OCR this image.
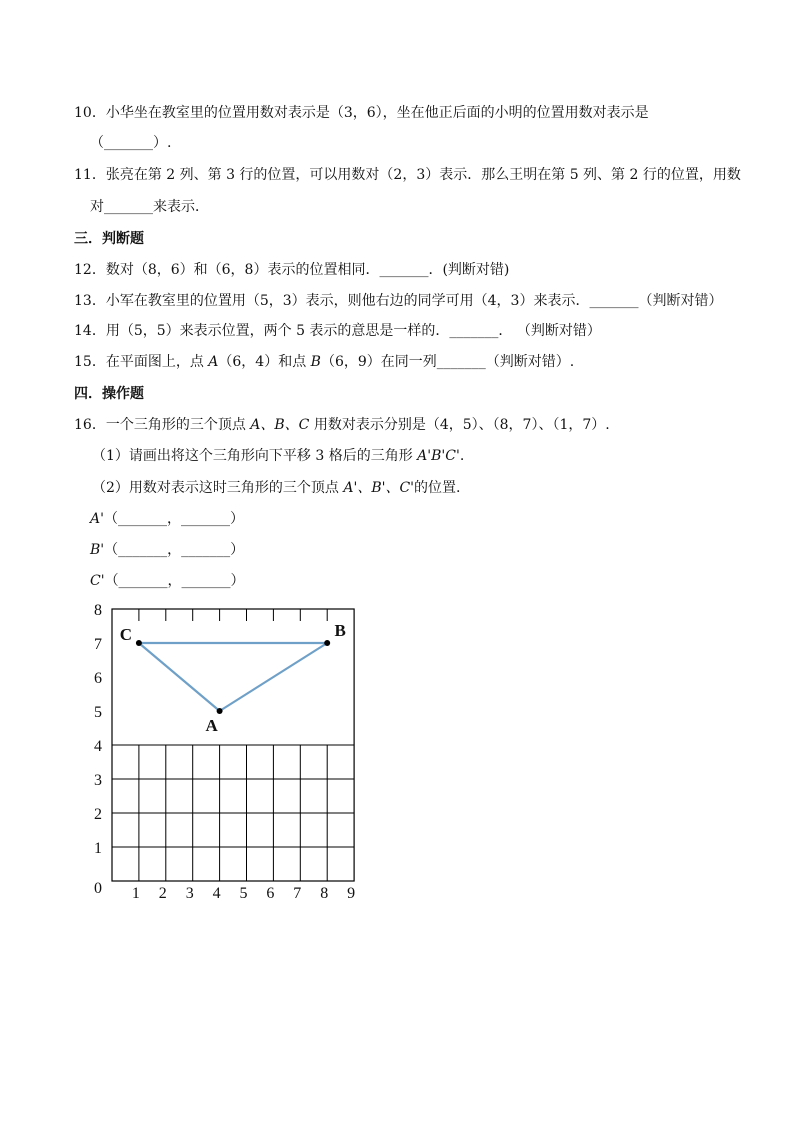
10．小华坐在教室里的位置用数对表示是（3，6），坐在他正后面的小明的位置用数对表示是
（_______）.
11．张亮在第 2 列、第 3 行的位置，可以用数对（2，3）表示．那么王明在第 5 列、第 2 行的位置，用数
对_______来表示．
三．判断题
12．数对（8，6）和（6，8）表示的位置相同．_______．(判断对错)
13．小军在教室里的位置用（5，3）表示，则他右边的同学可用（4，3）来表示．_______（判断对错）
14．用（5，5）来表示位置，两个 5 表示的意思是一样的．_______． （判断对错）
15．在平面图上，点 A（6，4）和点 B（6，9）在同一列_______（判断对错）.
四．操作题
16．一个三角形的三个顶点 A、B、C 用数对表示分别是（4，5）、（8，7）、（1，7）.
（1）请画出将这个三角形向下平移 3 格后的三角形 A'B'C'.
（2）用数对表示这时三角形的三个顶点 A'、B'、C'的位置.
A'（_______，_______）
B'（_______，_______）
C'（_______，_______）
0 1 2 3 4 5 6 7 8 9
1
2
3
4
5
6
7
8
A
B
C
